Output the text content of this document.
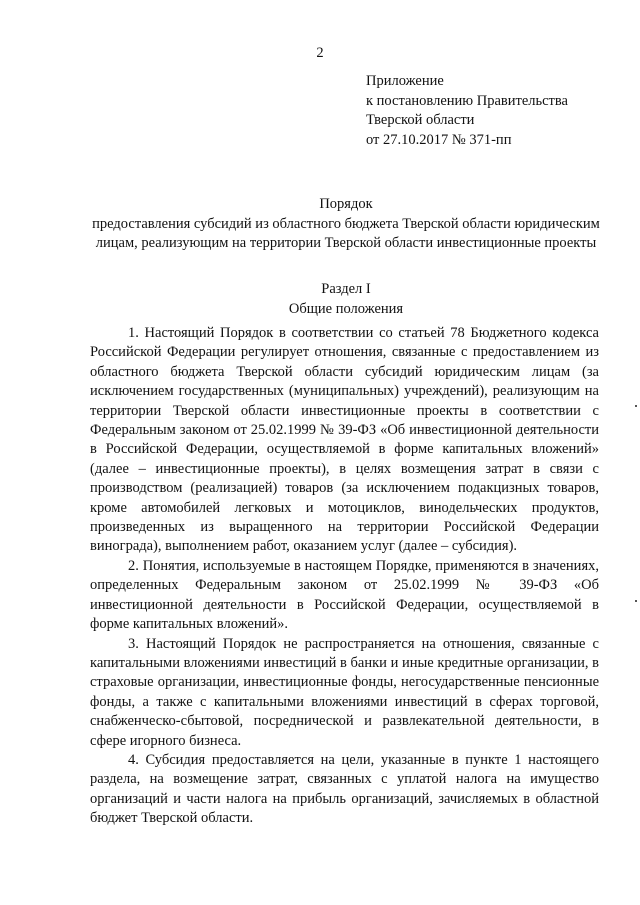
2
Приложение
к постановлению Правительства
Тверской области
от 27.10.2017 № 371-пп
Порядок
предоставления субсидий из областного бюджета Тверской области юридическим лицам, реализующим на территории Тверской области инвестиционные проекты
Раздел I
Общие положения

1. Настоящий Порядок в соответствии со статьей 78 Бюджетного кодекса Российской Федерации регулирует отношения, связанные с предоставлением из областного бюджета Тверской области субсидий юридическим лицам (за исключением государственных (муниципальных) учреждений), реализующим на территории Тверской области инвестиционные проекты в соответствии с Федеральным законом от 25.02.1999 № 39-ФЗ «Об инвестиционной деятельности в Российской Федерации, осуществляемой в форме капитальных вложений» (далее – инвестиционные проекты), в целях возмещения затрат в связи с производством (реализацией) товаров (за исключением подакцизных товаров, кроме автомобилей легковых и мотоциклов, винодельческих продуктов, произведенных из выращенного на территории Российской Федерации винограда), выполнением работ, оказанием услуг (далее – субсидия).

2. Понятия, используемые в настоящем Порядке, применяются в значениях, определенных Федеральным законом от 25.02.1999 № 39-ФЗ «Об инвестиционной деятельности в Российской Федерации, осуществляемой в форме капитальных вложений».

3. Настоящий Порядок не распространяется на отношения, связанные с капитальными вложениями инвестиций в банки и иные кредитные организации, в страховые организации, инвестиционные фонды, негосударственные пенсионные фонды, а также с капитальными вложениями инвестиций в сферах торговой, снабженческо-сбытовой, посреднической и развлекательной деятельности, в сфере игорного бизнеса.

4. Субсидия предоставляется на цели, указанные в пункте 1 настоящего раздела, на возмещение затрат, связанных с уплатой налога на имущество организаций и части налога на прибыль организаций, зачисляемых в областной бюджет Тверской области.
